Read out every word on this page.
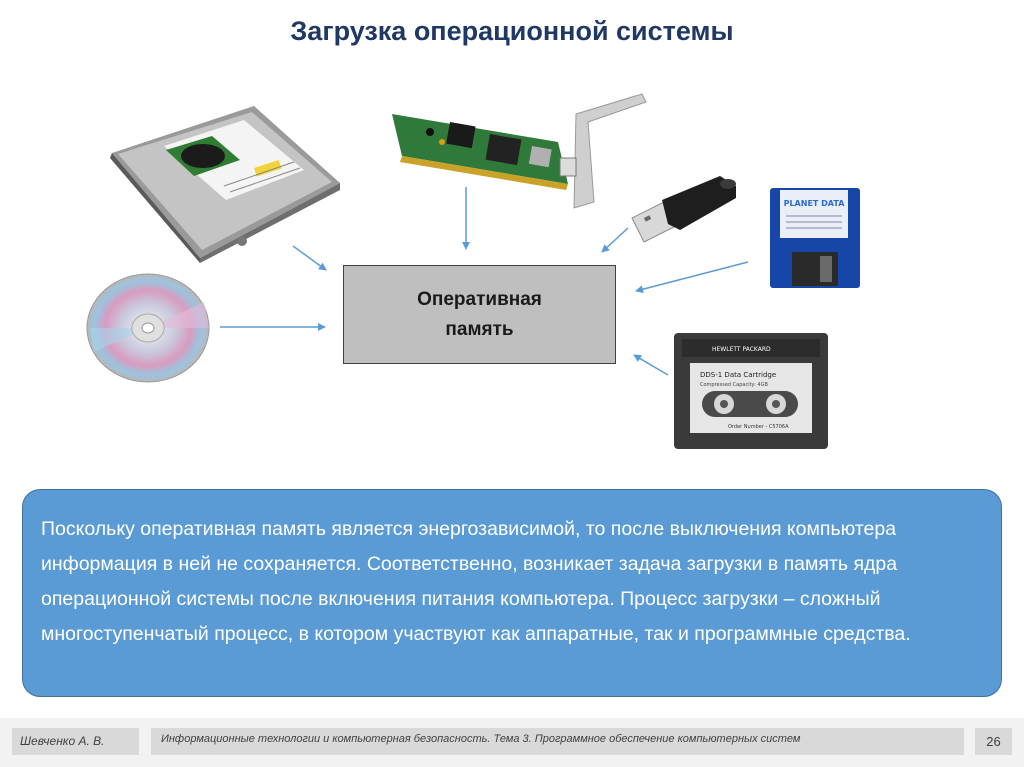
Загрузка операционной системы
PLANET DATA
HEWLETT PACKARD
DDS-1 Data Cartridge
Compressed Capacity: 4GB
Order Number - C5706A
Оперативная
память
Поскольку оперативная память является энергозависимой, то после выключения компьютера информация в ней не сохраняется. Соответственно, возникает задача загрузки в память ядра операционной системы после включения питания компьютера. Процесс загрузки – сложный многоступенчатый процесс, в котором участвуют как аппаратные, так и программные средства.
Шевченко А. В.	Информационные технологии и компьютерная безопасность. Тема 3. Программное обеспечение компьютерных систем	26
